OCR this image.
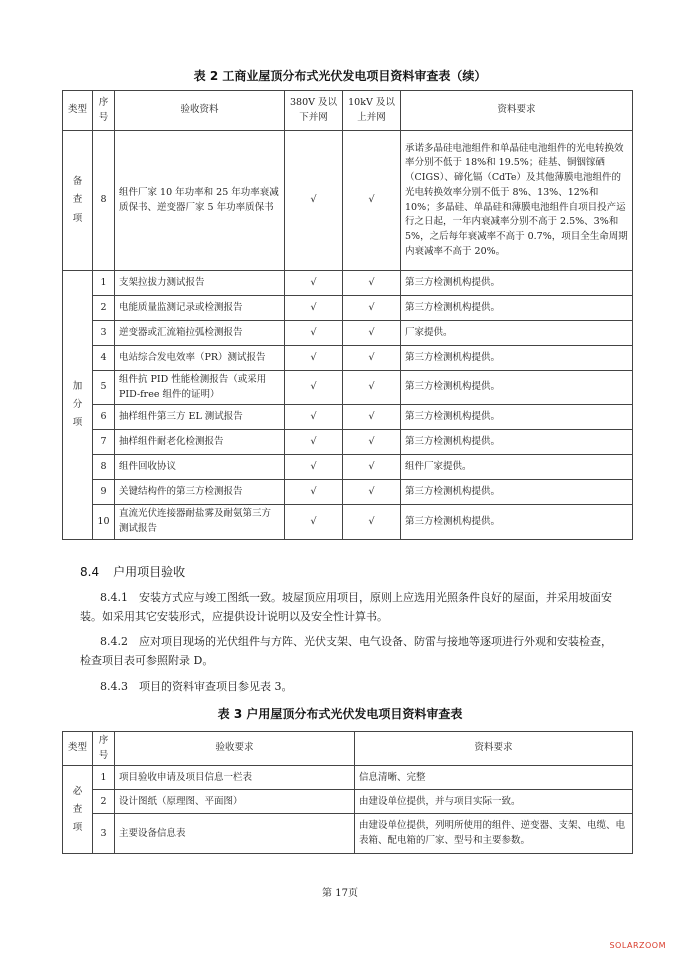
表 2 工商业屋顶分布式光伏发电项目资料审查表（续）
类型	序号	验收资料	380V 及以下并网	10kV 及以上并网	资料要求

备
查
项	8	组件厂家 10 年功率和 25 年功率衰减质保书、逆变器厂家 5 年功率质保书	√	√	承诺多晶硅电池组件和单晶硅电池组件的光电转换效率分别不低于 18%和 19.5%；硅基、铜铟镓硒（CIGS）、碲化镉（CdTe）及其他薄膜电池组件的光电转换效率分别不低于 8%、13%、12%和 10%；多晶硅、单晶硅和薄膜电池组件自项目投产运行之日起，一年内衰减率分别不高于 2.5%、3%和 5%，之后每年衰减率不高于 0.7%，项目全生命周期内衰减率不高于 20%。

加
分
项	1	支架拉拔力测试报告	√	√	第三方检测机构提供。
	2	电能质量监测记录或检测报告	√	√	第三方检测机构提供。
	3	逆变器或汇流箱拉弧检测报告	√	√	厂家提供。
	4	电站综合发电效率（PR）测试报告	√	√	第三方检测机构提供。
	5	组件抗 PID 性能检测报告（或采用 PID-free 组件的证明）	√	√	第三方检测机构提供。
	6	抽样组件第三方 EL 测试报告	√	√	第三方检测机构提供。
	7	抽样组件耐老化检测报告	√	√	第三方检测机构提供。
	8	组件回收协议	√	√	组件厂家提供。
	9	关键结构件的第三方检测报告	√	√	第三方检测机构提供。
	10	直流光伏连接器耐盐雾及耐氨第三方测试报告	√	√	第三方检测机构提供。
8.4 户用项目验收
8.4.1　安装方式应与竣工图纸一致。坡屋顶应用项目，原则上应选用光照条件良好的屋面，并采用坡面安装。如采用其它安装形式，应提供设计说明以及安全性计算书。
8.4.2　应对项目现场的光伏组件与方阵、光伏支架、电气设备、防雷与接地等逐项进行外观和安装检查，检查项目表可参照附录 D。
8.4.3　项目的资料审查项目参见表 3。
表 3 户用屋顶分布式光伏发电项目资料审查表
类型	序号	验收要求	资料要求

必
查
项	1	项目验收申请及项目信息一栏表	信息清晰、完整
	2	设计图纸（原理图、平面图）	由建设单位提供，并与项目实际一致。
	3	主要设备信息表	由建设单位提供，列明所使用的组件、逆变器、支架、电缆、电表箱、配电箱的厂家、型号和主要参数。
第 17页
SOLARZOOM
